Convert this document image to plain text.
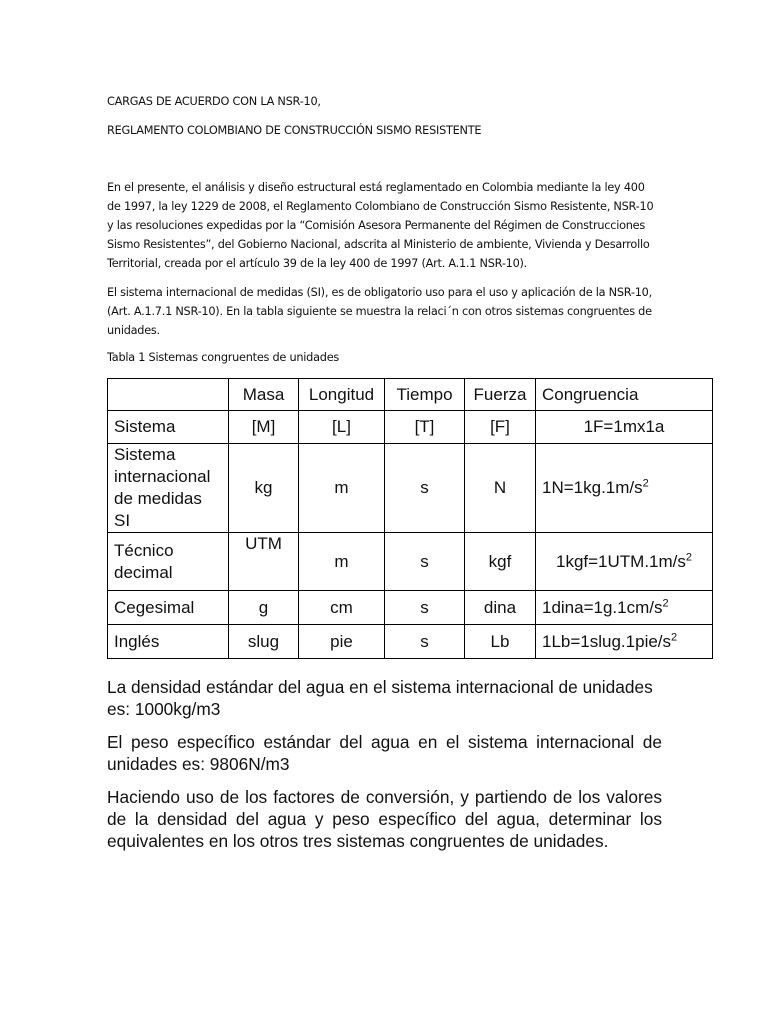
CARGAS DE ACUERDO CON LA NSR-10,
REGLAMENTO COLOMBIANO DE CONSTRUCCIÓN SISMO RESISTENTE
En el presente, el análisis y diseño estructural está reglamentado en Colombia mediante la ley 400
de 1997, la ley 1229 de 2008, el Reglamento Colombiano de Construcción Sismo Resistente, NSR-10
y las resoluciones expedidas por la “Comisión Asesora Permanente del Régimen de Construcciones
Sismo Resistentes”, del Gobierno Nacional, adscrita al Ministerio de ambiente, Vivienda y Desarrollo
Territorial, creada por el artículo 39 de la ley 400 de 1997 (Art. A.1.1 NSR-10).
El sistema internacional de medidas (SI), es de obligatorio uso para el uso y aplicación de la NSR-10,
(Art. A.1.7.1 NSR-10). En la tabla siguiente se muestra la relaci´n con otros sistemas congruentes de
unidades.
Tabla 1 Sistemas congruentes de unidades
	Masa	Longitud	Tiempo	Fuerza	Congruencia
Sistema	[M]	[L]	[T]	[F]	1F=1mx1a

Sistema
internacional
de medidas SI	kg	m	s	N	$1N=1kg.1m/s^2$

Técnico
decimal	UTM	m	s	kgf	$1kgf=1UTM.1m/s^2$

Cegesimal	g	cm	s	dina	$1dina=1g.1cm/s^2$

Inglés	slug	pie	s	Lb	$1Lb=1slug.1pie/s^2$
La densidad estándar del agua en el sistema internacional de unidades
es: 1000kg/m3
El peso específico estándar del agua en el sistema internacional de unidades es: 9806N/m3
Haciendo uso de los factores de conversión, y partiendo de los valores de la densidad del agua y peso específico del agua, determinar los equivalentes en los otros tres sistemas congruentes de unidades.
